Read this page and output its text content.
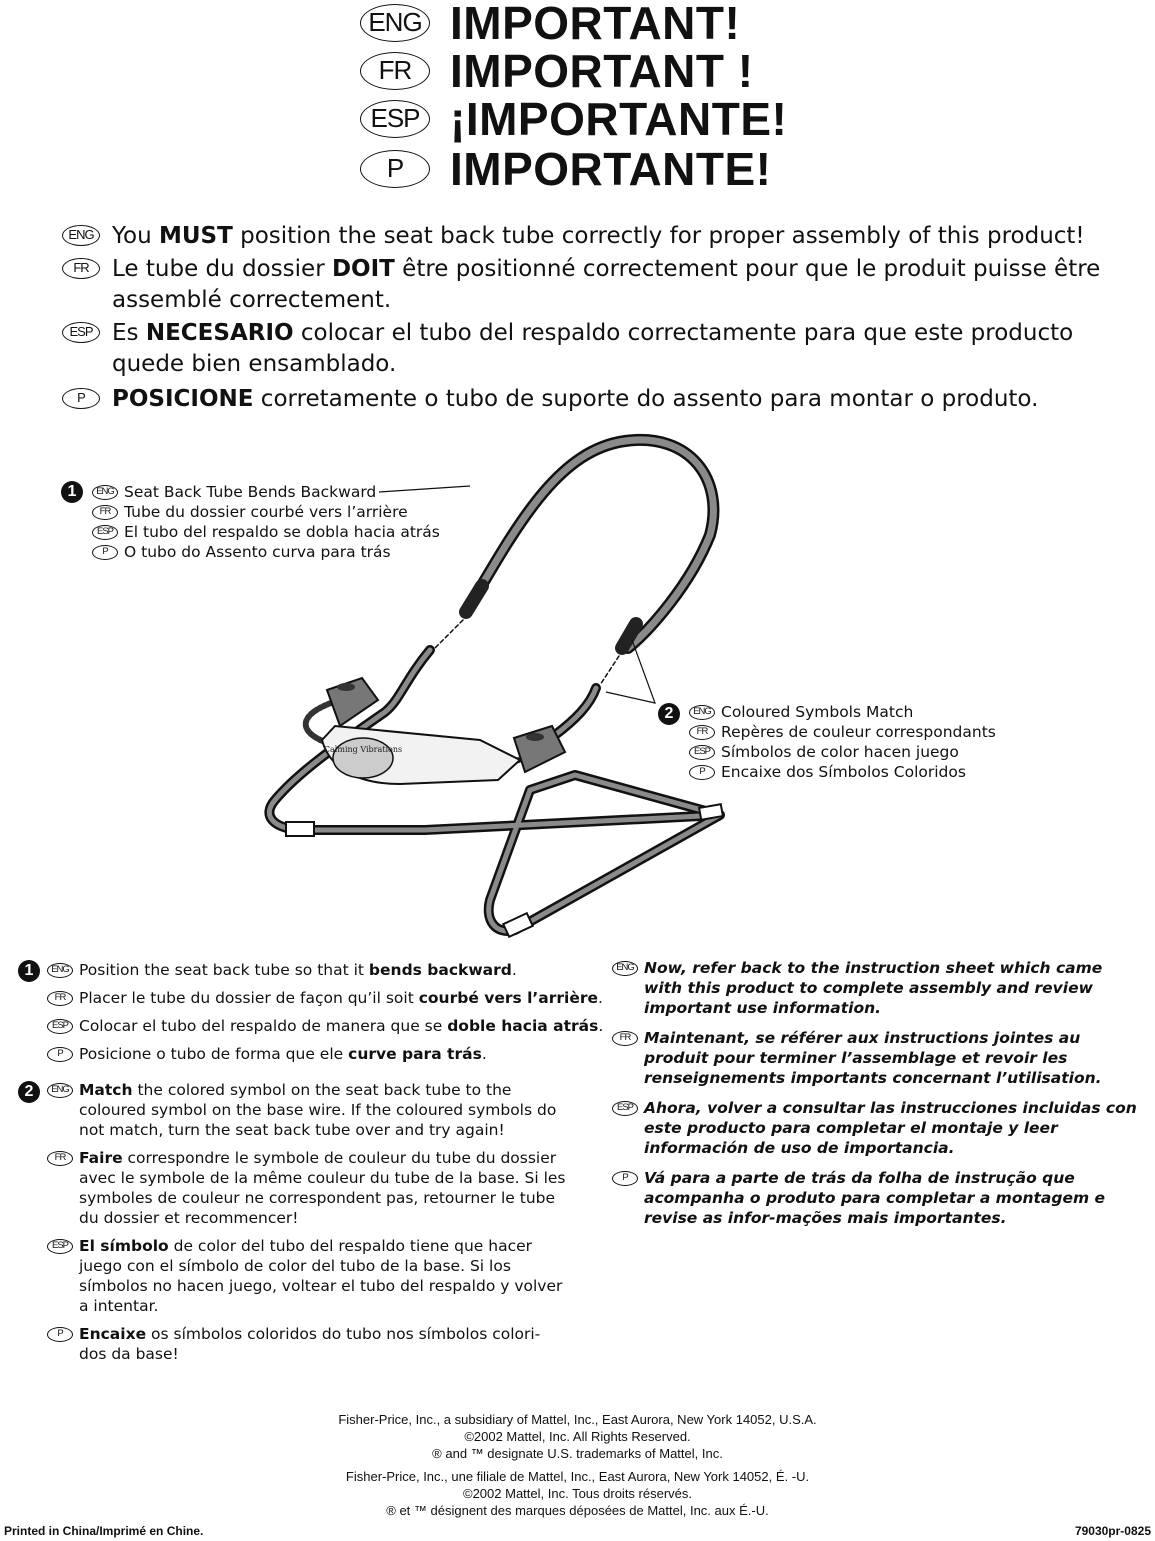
ENG IMPORTANT!
FR IMPORTANT !
ESP ¡IMPORTANTE!
P	IMPORTANTE!
ENG You MUST position the seat back tube correctly for proper assembly of this product!
FR	Le tube du dossier DOIT être positionné correctement pour que le produit puisse être assemblé correctement.
ESP Es NECESARIO colocar el tubo del respaldo correctamente para que este producto quede bien ensamblado.
P	POSICIONE corretamente o tubo de suporte do assento para montar o produto.
Calming Vibrations
1	ENG Seat Back Tube Bends Backward
FR Tube du dossier courbé vers l’arrière
ESP El tubo del respaldo se dobla hacia atrás
P	O tubo do Assento curva para trás
2	ENG Coloured Symbols Match
FR Repères de couleur correspondants
ESP Símbolos de color hacen juego
P	Encaixe dos Símbolos Coloridos
1	ENG Position the seat back tube so that it bends backward.
FR Placer le tube du dossier de façon qu’il soit courbé vers l’arrière.
ESP Colocar el tubo del respaldo de manera que se doble hacia atrás.
P	Posicione o tubo de forma que ele curve para trás.
2	ENG Match the colored symbol on the seat back tube to the coloured symbol on the base wire. If the coloured symbols do not match, turn the seat back tube over and try again!
FR Faire correspondre le symbole de couleur du tube du dossier avec le symbole de la même couleur du tube de la base. Si les symboles de couleur ne correspondent pas, retourner le tube du dossier et recommencer!
ESP El símbolo de color del tubo del respaldo tiene que hacer juego con el símbolo de color del tubo de la base. Si los símbolos no hacen juego, voltear el tubo del respaldo y volver a intentar.
P	Encaixe os símbolos coloridos do tubo nos símbolos colori-dos da base!
ENG Now, refer back to the instruction sheet which came with this product to complete assembly and review important use information.
FR Maintenant, se référer aux instructions jointes au produit pour terminer l’assemblage et revoir les renseignements importants concernant l’utilisation.
ESP Ahora, volver a consultar las instrucciones incluidas con este producto para completar el montaje y leer información de uso de importancia.
P	Vá para a parte de trás da folha de instrução que acompanha o produto para completar a montagem e revise as infor-mações mais importantes.
Fisher-Price, Inc., a subsidiary of Mattel, Inc., East Aurora, New York 14052, U.S.A.
©2002 Mattel, Inc. All Rights Reserved.
® and ™ designate U.S. trademarks of Mattel, Inc.
Fisher-Price, Inc., une filiale de Mattel, Inc., East Aurora, New York 14052, É. -U.
©2002 Mattel, Inc. Tous droits réservés.
® et ™ désignent des marques déposées de Mattel, Inc. aux É.-U.
Printed in China/Imprimé en Chine.	79030pr-0825
